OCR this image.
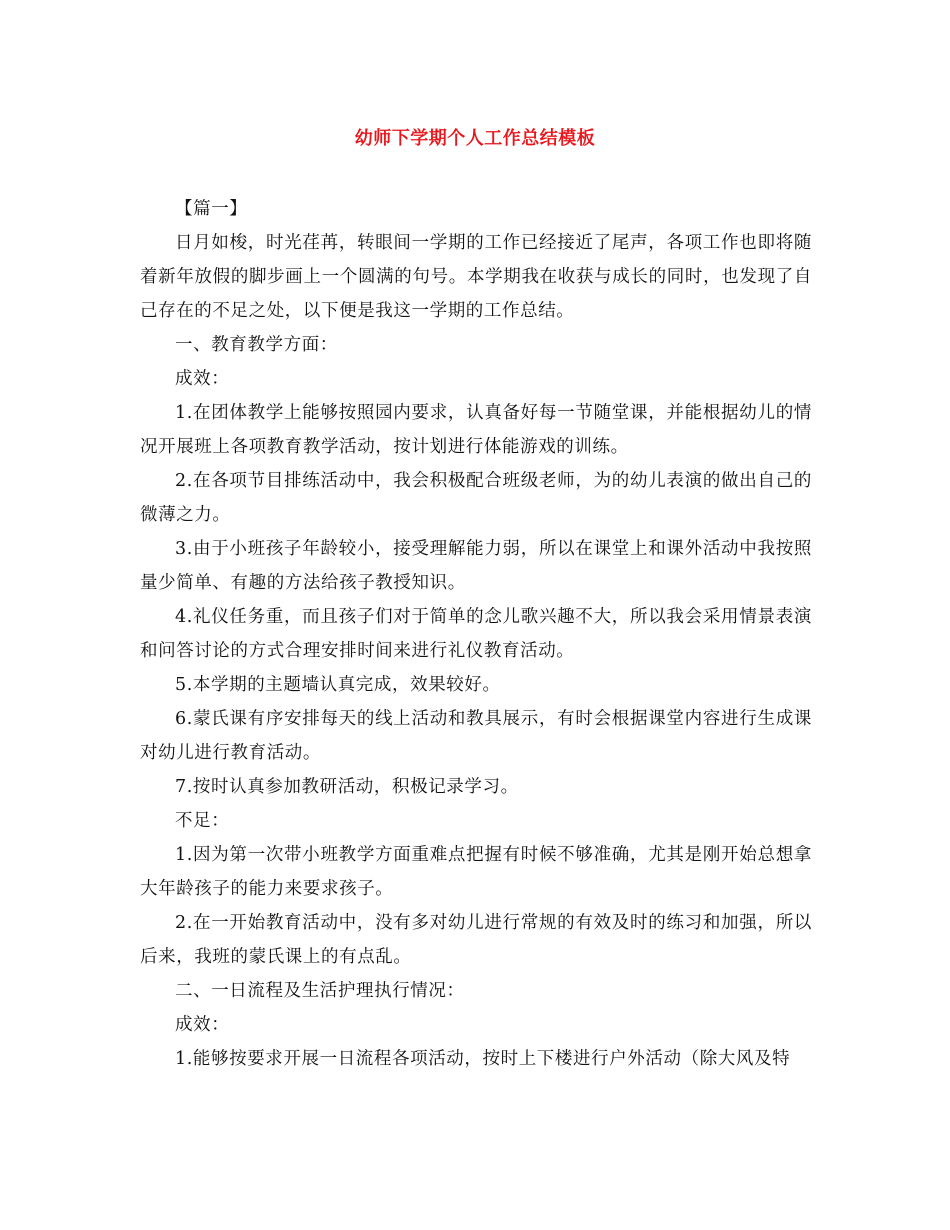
幼师下学期个人工作总结模板

【篇一】

日月如梭，时光荏苒，转眼间一学期的工作已经接近了尾声，各项工作也即将随着新年放假的脚步画上一个圆满的句号。本学期我在收获与成长的同时，也发现了自己存在的不足之处，以下便是我这一学期的工作总结。

一、教育教学方面：

成效：

1.在团体教学上能够按照园内要求，认真备好每一节随堂课，并能根据幼儿的情况开展班上各项教育教学活动，按计划进行体能游戏的训练。

2.在各项节目排练活动中，我会积极配合班级老师，为的幼儿表演的做出自己的微薄之力。

3.由于小班孩子年龄较小，接受理解能力弱，所以在课堂上和课外活动中我按照量少简单、有趣的方法给孩子教授知识。

4.礼仪任务重，而且孩子们对于简单的念儿歌兴趣不大，所以我会采用情景表演和问答讨论的方式合理安排时间来进行礼仪教育活动。

5.本学期的主题墙认真完成，效果较好。

6.蒙氏课有序安排每天的线上活动和教具展示，有时会根据课堂内容进行生成课对幼儿进行教育活动。

7.按时认真参加教研活动，积极记录学习。

不足：

1.因为第一次带小班教学方面重难点把握有时候不够准确，尤其是刚开始总想拿大年龄孩子的能力来要求孩子。

2.在一开始教育活动中，没有多对幼儿进行常规的有效及时的练习和加强，所以后来，我班的蒙氏课上的有点乱。

二、一日流程及生活护理执行情况：

成效：

1.能够按要求开展一日流程各项活动，按时上下楼进行户外活动（除大风及特
